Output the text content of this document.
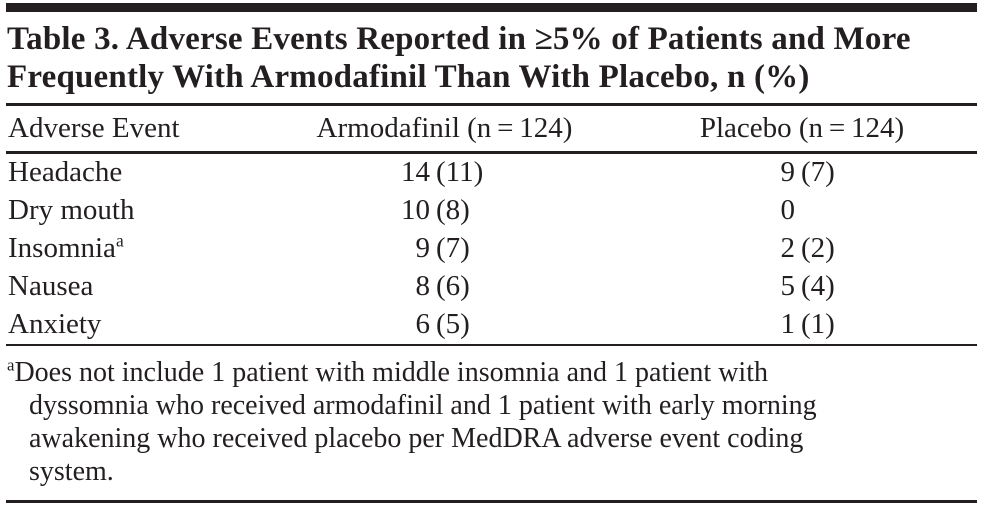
Table 3. Adverse Events Reported in ≥5% of Patients and More
Frequently With Armodafinil Than With Placebo, n (%)
Adverse Event	Armodafinil (n = 124)	Placebo (n = 124)
Headache	14 (11)	9 (7)
Dry mouth	10 (8)	0
Insomnia$^a$	9 (7)	2 (2)
Nausea	8 (6)	5 (4)
Anxiety	6 (5)	1 (1)
$^a$Does not include 1 patient with middle insomnia and 1 patient with
dyssomnia who received armodafinil and 1 patient with early morning
awakening who received placebo per MedDRA adverse event coding
system.
